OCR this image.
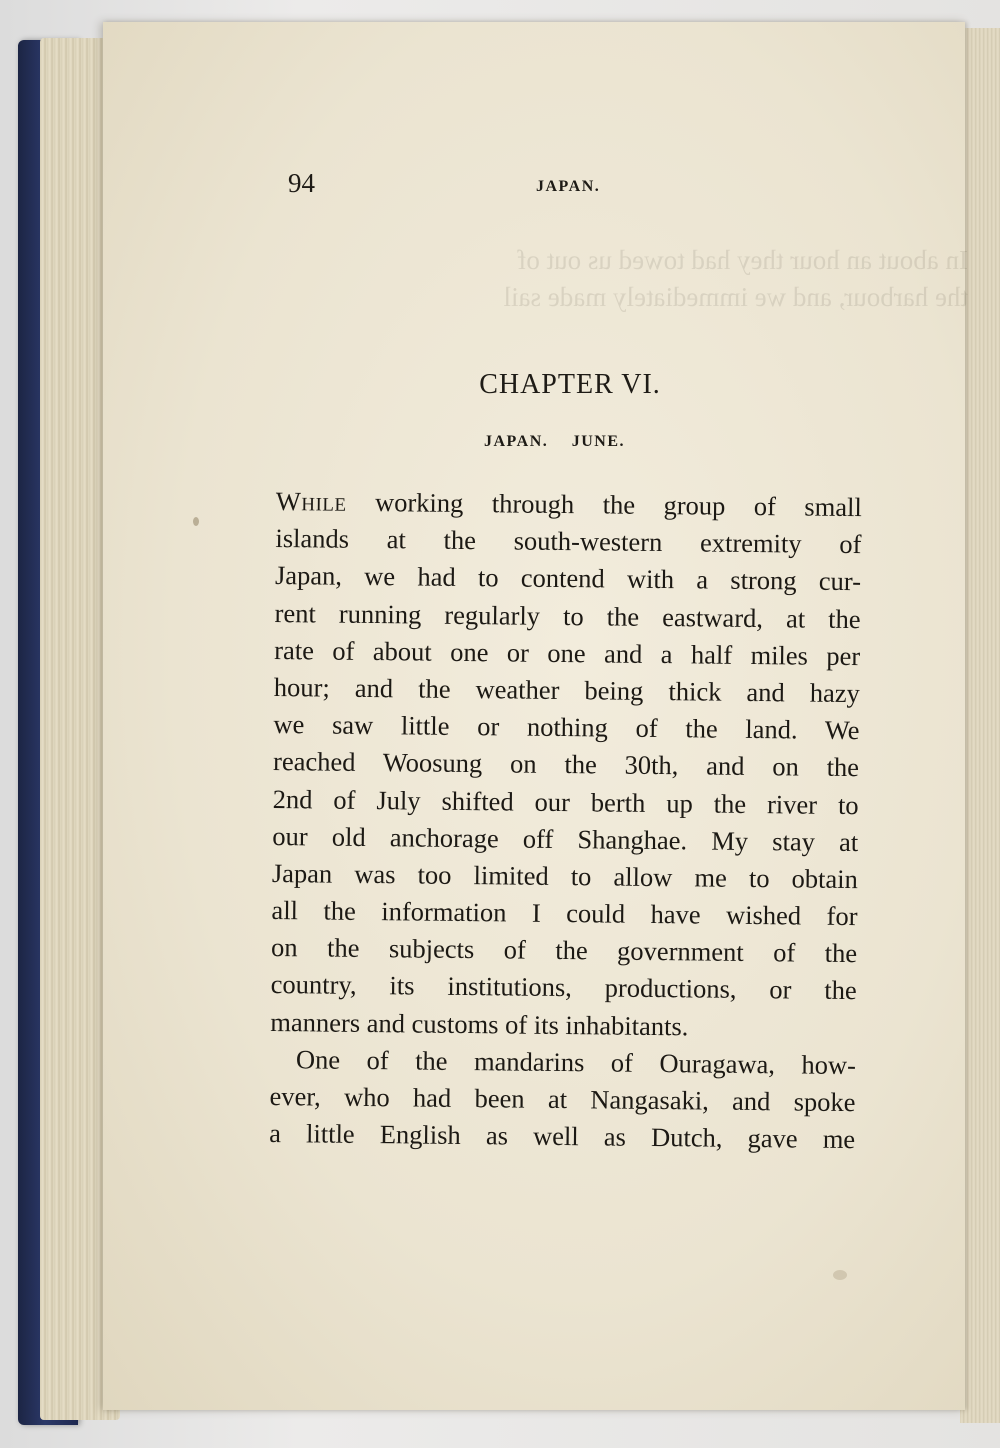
In about an hour they had towed us out of
the harbour, and we immediately made sail

94	JAPAN.
CHAPTER VI.
JAPAN. JUNE.
While working through the group of small
islands at the south-western extremity of
Japan, we had to contend with a strong cur-
rent running regularly to the eastward, at the
rate of about one or one and a half miles per
hour; and the weather being thick and hazy
we saw little or nothing of the land. We
reached Woosung on the 30th, and on the
2nd of July shifted our berth up the river to
our old anchorage off Shanghae. My stay at
Japan was too limited to allow me to obtain
all the information I could have wished for
on the subjects of the government of the
country, its institutions, productions, or the
manners and customs of its inhabitants.
One of the mandarins of Ouragawa, how-
ever, who had been at Nangasaki, and spoke
a little English as well as Dutch, gave me
